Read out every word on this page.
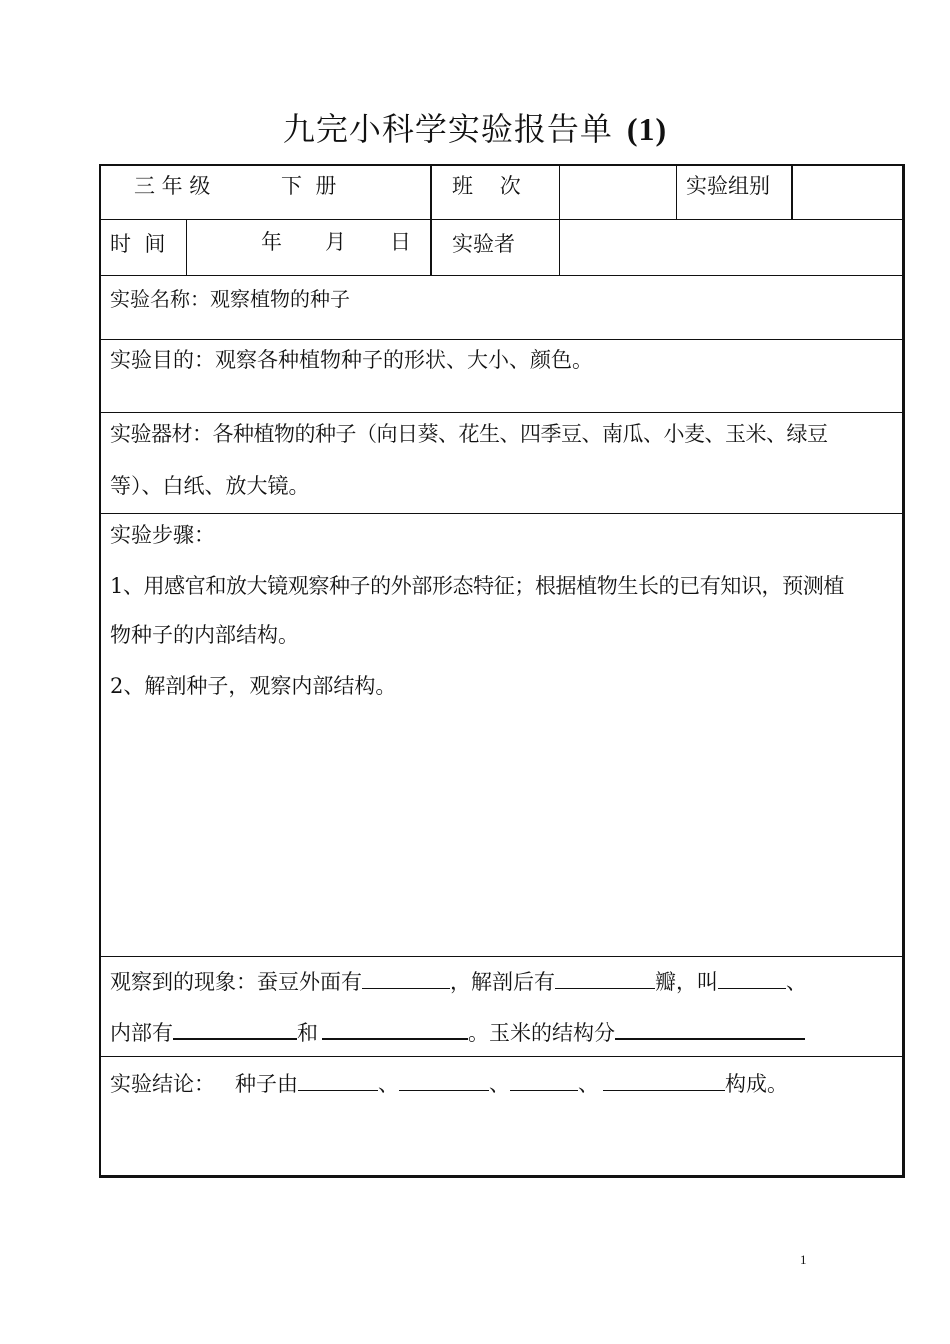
九完小科学实验报告单 (1)
三 年 级	下  册	班    次	实验组别
时  间	年 月 日 实验者
实验名称：观察植物的种子
实验目的：观察各种植物种子的形状、大小、颜色。
实验器材：各种植物的种子（向日葵、花生、四季豆、南瓜、小麦、玉米、绿豆
等）、白纸、放大镜。
实验步骤：
1、用感官和放大镜观察种子的外部形态特征；根据植物生长的已有知识，预测植
物种子的内部结构。
2、解剖种子，观察内部结构。
观察到的现象：蚕豆外面有	，解剖后有	瓣，叫	、
内部有	和	。玉米的结构分
实验结论：   种子由	、	、	、	构成。
1
